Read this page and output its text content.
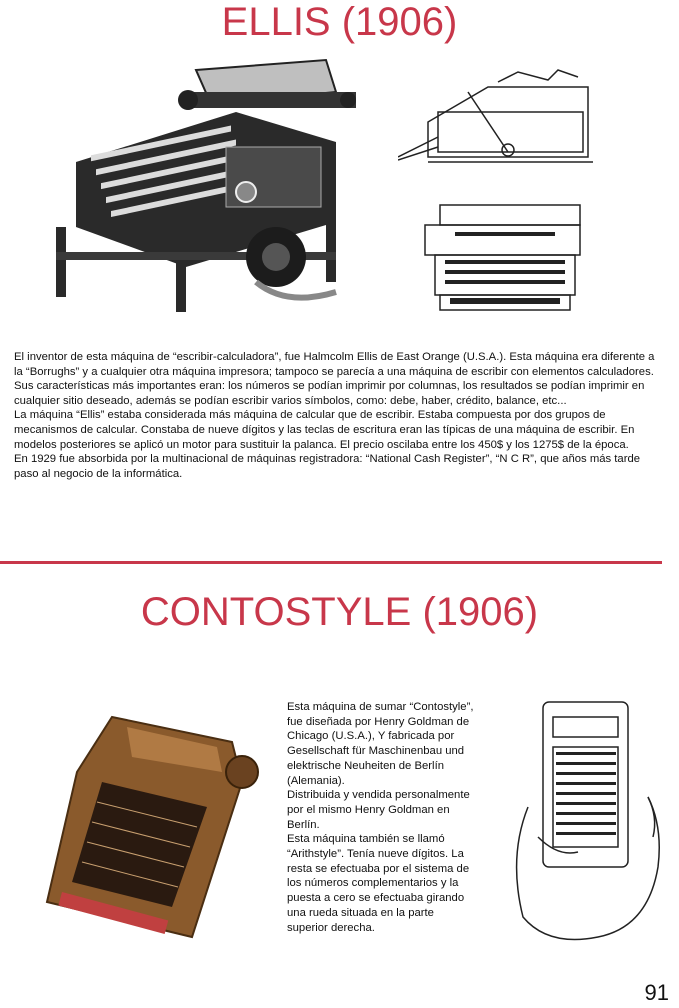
ELLIS (1906)

El inventor de esta máquina de “escribir-calculadora”, fue Halmcolm Ellis de East Orange (U.S.A.). Esta máquina era diferente a la “Borrughs” y a cualquier otra máquina impresora; tampoco se parecía a una máquina de escribir con elementos calculadores.

Sus características más importantes eran: los números se podían imprimir por columnas, los resultados se podían imprimir en cualquier sitio deseado, además se podían escribir varios símbolos, como: debe, haber, crédito, balance, etc...

La máquina “Ellis” estaba considerada más máquina de calcular que de escribir. Estaba compuesta por dos grupos de mecanismos de calcular. Constaba de nueve dígitos y las teclas de escritura eran las típicas de una máquina de escribir. En modelos posteriores se aplicó un motor para sustituir la palanca. El precio oscilaba entre los 450$ y los 1275$ de la época.

En 1929 fue absorbida por la multinacional de máquinas registradora: “National Cash Register”, “N C R”, que años más tarde paso al negocio de la informática.

CONTOSTYLE (1906)

Esta máquina de sumar “Contostyle”, fue diseñada por Henry Goldman de Chicago (U.S.A.), Y fabricada por Gesellschaft für Maschinenbau und elektrische Neuheiten de Berlín (Alemania).

Distribuida y vendida personalmente por el mismo Henry Goldman en Berlín.

Esta máquina también se llamó “Arithstyle”. Tenía nueve dígitos. La resta se efectuaba por el sistema de los números complementarios y la puesta a cero se efectuaba girando una rueda situada en la parte superior derecha.

91
